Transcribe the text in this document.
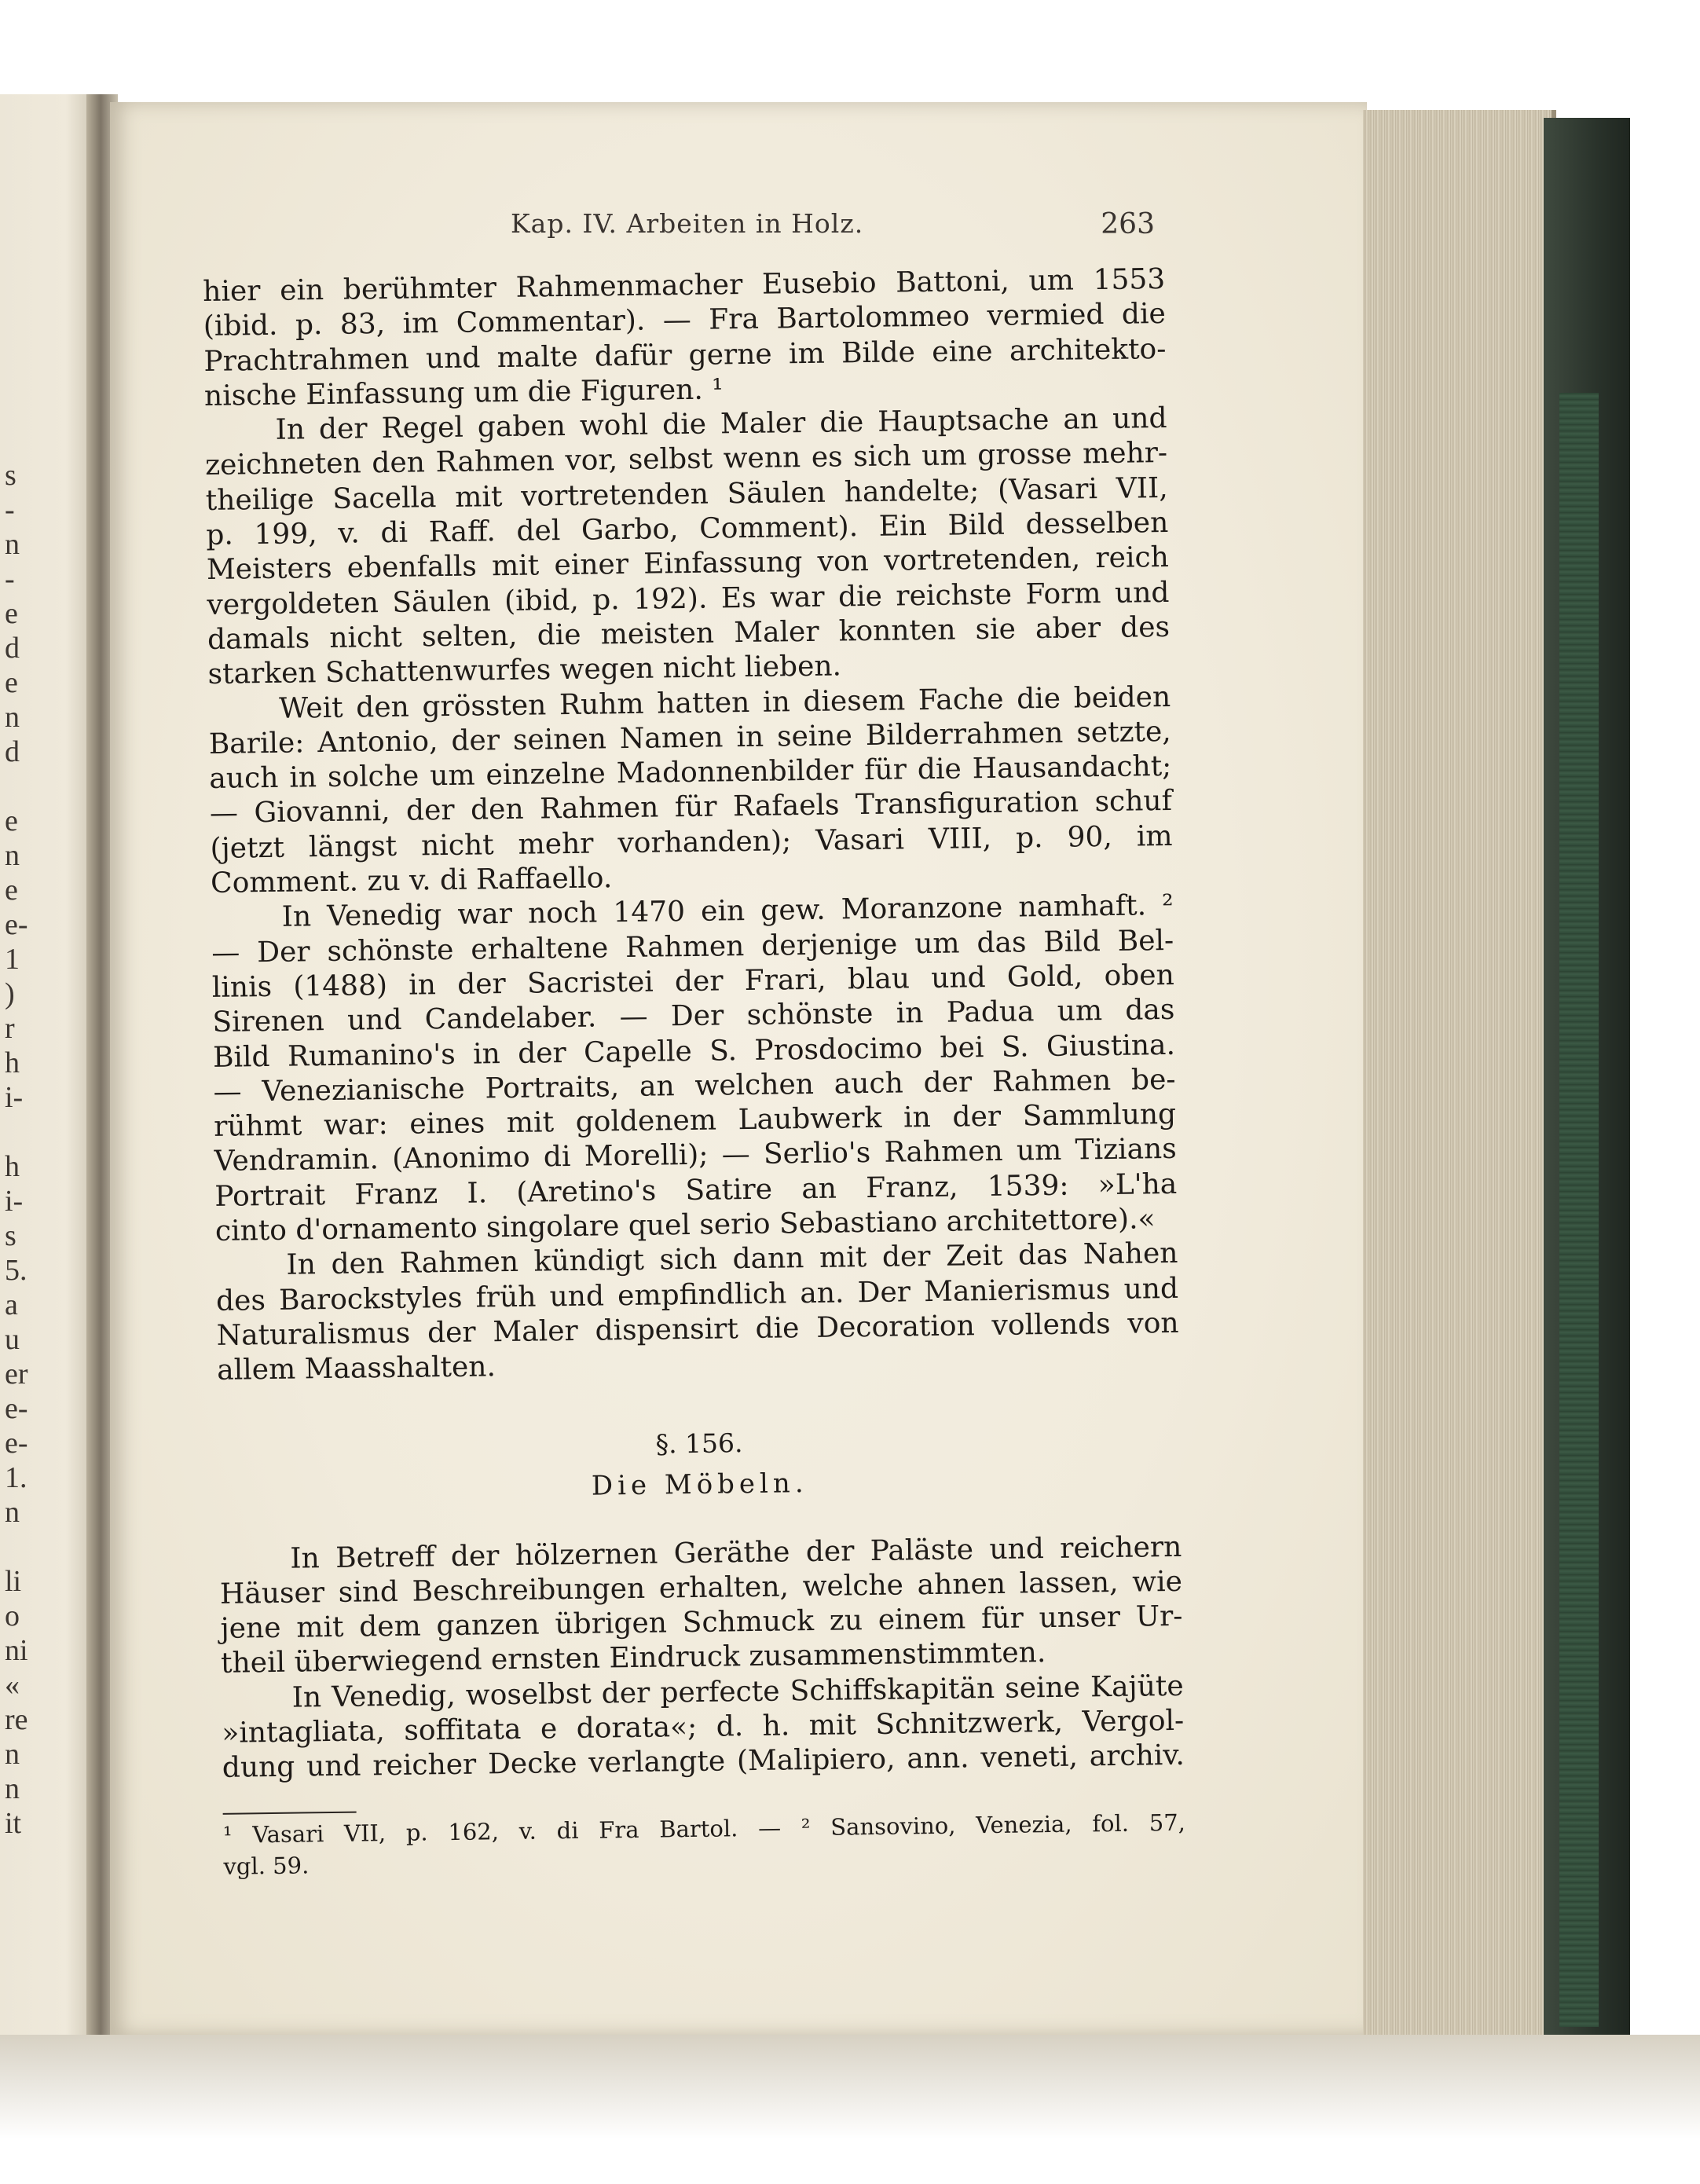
s
-
n
-
e
d
e
n
d
e
n
e
e-
1
)
r
h
i-
h
i-
s
5.
a
u
er
e-
e-
1.
n
li
o
ni
«
re
n
n
it
Kap. IV. Arbeiten in Holz.	263
hier ein berühmter Rahmenmacher Eusebio Battoni, um 1553
(ibid. p. 83, im Commentar). — Fra Bartolommeo vermied die
Prachtrahmen und malte dafür gerne im Bilde eine architekto-
nische Einfassung um die Figuren. ¹
In der Regel gaben wohl die Maler die Hauptsache an und
zeichneten den Rahmen vor, selbst wenn es sich um grosse mehr-
theilige Sacella mit vortretenden Säulen handelte; (Vasari VII,
p. 199, v. di Raff. del Garbo, Comment). Ein Bild desselben
Meisters ebenfalls mit einer Einfassung von vortretenden, reich
vergoldeten Säulen (ibid, p. 192). Es war die reichste Form und
damals nicht selten, die meisten Maler konnten sie aber des
starken Schattenwurfes wegen nicht lieben.
Weit den grössten Ruhm hatten in diesem Fache die beiden
Barile: Antonio, der seinen Namen in seine Bilderrahmen setzte,
auch in solche um einzelne Madonnenbilder für die Hausandacht;
— Giovanni, der den Rahmen für Rafaels Transfiguration schuf
(jetzt längst nicht mehr vorhanden); Vasari VIII, p. 90, im
Comment. zu v. di Raffaello.
In Venedig war noch 1470 ein gew. Moranzone namhaft. ²
— Der schönste erhaltene Rahmen derjenige um das Bild Bel-
linis (1488) in der Sacristei der Frari, blau und Gold, oben
Sirenen und Candelaber. — Der schönste in Padua um das
Bild Rumanino's in der Capelle S. Prosdocimo bei S. Giustina.
— Venezianische Portraits, an welchen auch der Rahmen be-
rühmt war: eines mit goldenem Laubwerk in der Sammlung
Vendramin. (Anonimo di Morelli); — Serlio's Rahmen um Tizians
Portrait Franz I. (Aretino's Satire an Franz, 1539: »L'ha
cinto d'ornamento singolare quel serio Sebastiano architettore).«
In den Rahmen kündigt sich dann mit der Zeit das Nahen
des Barockstyles früh und empfindlich an. Der Manierismus und
Naturalismus der Maler dispensirt die Decoration vollends von
allem Maasshalten.
§. 156.
Die Möbeln.
In Betreff der hölzernen Geräthe der Paläste und reichern
Häuser sind Beschreibungen erhalten, welche ahnen lassen, wie
jene mit dem ganzen übrigen Schmuck zu einem für unser Ur-
theil überwiegend ernsten Eindruck zusammenstimmten.
In Venedig, woselbst der perfecte Schiffskapitän seine Kajüte
»intagliata, soffitata e dorata«; d. h. mit Schnitzwerk, Vergol-
dung und reicher Decke verlangte (Malipiero, ann. veneti, archiv.
¹ Vasari VII, p. 162, v. di Fra Bartol. — ² Sansovino, Venezia, fol. 57,
vgl. 59.
